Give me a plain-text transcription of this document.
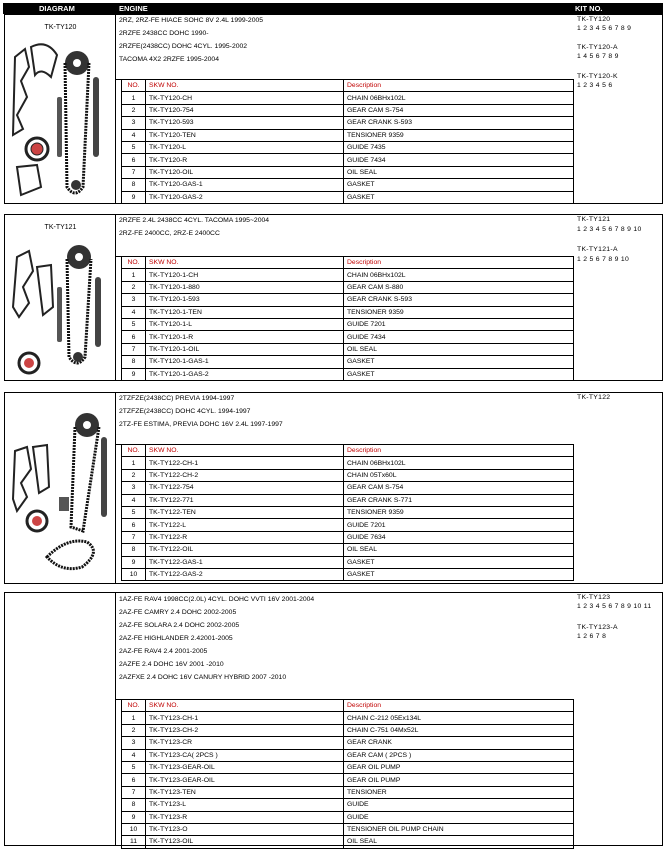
DIAGRAM	ENGINE	KIT NO.
TK-TY120
2RZ, 2RZ-FE HIACE SOHC 8V 2.4L 1999-2005
2RZFE 2438CC DOHC 1990-
2RZFE(2438CC) DOHC 4CYL. 1995-2002
TACOMA 4X2 2RZFE 1995-2004
TK-TY120
1 2 3 4 5 6 7 8 9
TK-TY120-A
1 4 5 6 7 8 9
TK-TY120-K
1 2 3 4 5 6
NO.	SKW NO.	Description
1	TK-TY120-CH	CHAIN 06BHx102L
2	TK-TY120-754	GEAR CAM S-754
3	TK-TY120-593	GEAR CRANK S-593
4	TK-TY120-TEN	TENSIONER 9359
5	TK-TY120-L	GUIDE 7435
6	TK-TY120-R	GUIDE 7434
7	TK-TY120-OIL	OIL SEAL
8	TK-TY120-GAS-1	GASKET
9	TK-TY120-GAS-2	GASKET
TK-TY121
2RZFE 2.4L 2438CC 4CYL. TACOMA 1995~2004
2RZ-FE 2400CC, 2RZ-E 2400CC
TK-TY121
1 2 3 4 5 6 7 8 9 10
TK-TY121-A
1 2 5 6 7 8 9 10
NO.	SKW NO.	Description
1	TK-TY120-1-CH	CHAIN 06BHx102L
2	TK-TY120-1-880	GEAR CAM S-880
3	TK-TY120-1-593	GEAR CRANK S-593
4	TK-TY120-1-TEN	TENSIONER 9359
5	TK-TY120-1-L	GUIDE 7201
6	TK-TY120-1-R	GUIDE 7434
7	TK-TY120-1-OIL	OIL SEAL
8	TK-TY120-1-GAS-1	GASKET
9	TK-TY120-1-GAS-2	GASKET
2TZFZE(2438CC) PREVIA 1994-1997
2TZFZE(2438CC) DOHC 4CYL. 1994-1997
2TZ-FE ESTIMA, PREVIA DOHC 16V 2.4L 1997-1997
TK-TY122
NO.	SKW NO.	Description
1	TK-TY122-CH-1	CHAIN 06BHx102L
2	TK-TY122-CH-2	CHAIN 05Tx60L
3	TK-TY122-754	GEAR CAM S-754
4	TK-TY122-771	GEAR CRANK S-771
5	TK-TY122-TEN	TENSIONER 9359
6	TK-TY122-L	GUIDE 7201
7	TK-TY122-R	GUIDE 7634
8	TK-TY122-OIL	OIL SEAL
9	TK-TY122-GAS-1	GASKET
10	TK-TY122-GAS-2	GASKET
1AZ-FE RAV4 1998CC(2.0L) 4CYL. DOHC VVTI 16V 2001-2004
2AZ-FE CAMRY 2.4 DOHC 2002-2005
2AZ-FE SOLARA 2.4 DOHC 2002-2005
2AZ-FE HIGHLANDER 2.42001-2005
2AZ-FE RAV4 2.4 2001-2005
2AZFE 2.4 DOHC 16V 2001 -2010
2AZFXE 2.4 DOHC 16V CANURY HYBRID 2007 -2010
TK-TY123
1 2 3 4 5 6 7 8 9 10 11
TK-TY123-A
1 2 6 7 8
NO.	SKW NO.	Description
1	TK-TY123-CH-1	CHAIN C-212 05Ex134L
2	TK-TY123-CH-2	CHAIN C-751 04Mx52L
3	TK-TY123-CR	GEAR CRANK
4	TK-TY123-CA( 2PCS )	GEAR CAM ( 2PCS )
5	TK-TY123-GEAR-OIL	GEAR OIL PUMP
6	TK-TY123-GEAR-OIL	GEAR OIL PUMP
7	TK-TY123-TEN	TENSIONER
8	TK-TY123-L	GUIDE
9	TK-TY123-R	GUIDE
10	TK-TY123-O	TENSIONER OIL PUMP CHAIN
11	TK-TY123-OIL	OIL SEAL
